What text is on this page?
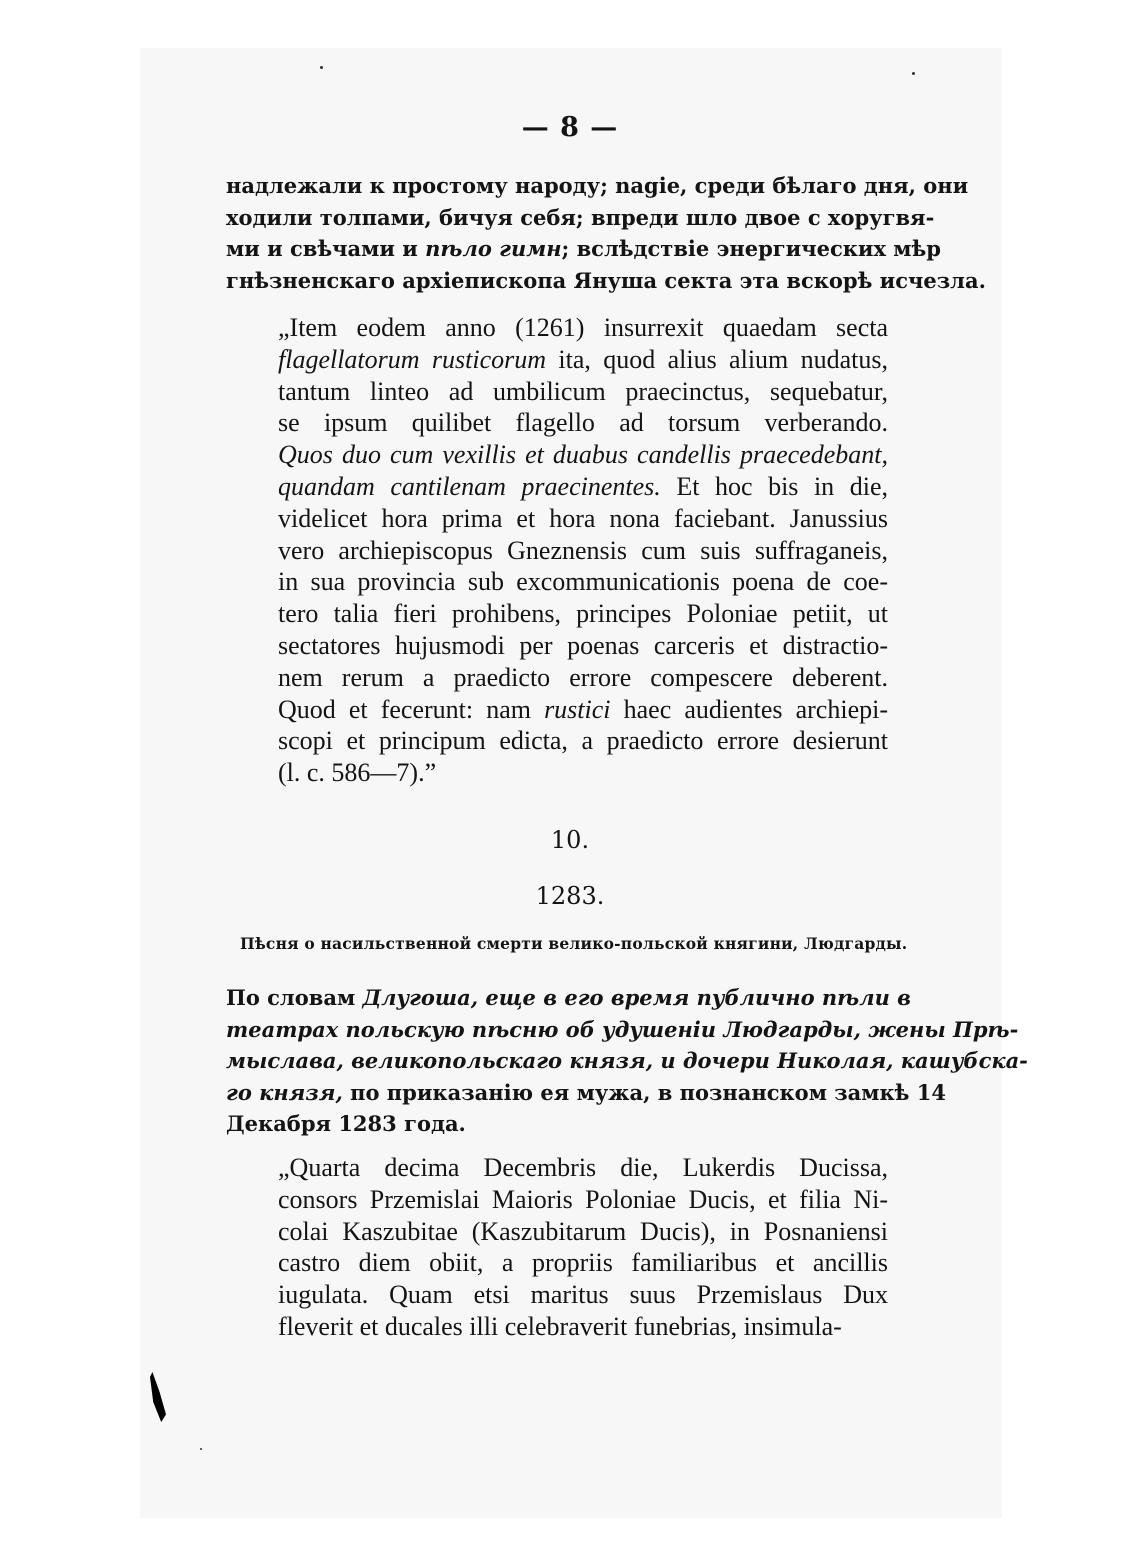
— 8 —
надлежали к простому народу; nagie, среди бѣлаго дня, они
ходили толпами, бичуя себя; впреди шло двое с хоругвя-
ми и свѣчами и пѣло гимн; вслѣдствie энергических мѣр
гнѣзненскаго архiепископа Януша секта эта вскорѣ исчезла.
„Item eodem anno (1261) insurrexit quaedam secta
flagellatorum rusticorum ita, quod alius alium nudatus,
tantum linteo ad umbilicum praecinctus, sequebatur,
se ipsum quilibet flagello ad torsum verberando.
Quos duo cum vexillis et duabus candellis praecedebant,
quandam cantilenam praecinentes. Et hoc bis in die,
videlicet hora prima et hora nona faciebant. Janussius
vero archiepiscopus Gneznensis cum suis suffraganeis,
in sua provincia sub excommunicationis poena de coe-
tero talia fieri prohibens, principes Poloniae petiit, ut
sectatores hujusmodi per poenas carceris et distractio-
nem rerum a praedicto errore compescere deberent.
Quod et fecerunt: nam rustici haec audientes archiepi-
scopi et principum edicta, a praedicto errore desierunt
(l. c. 586—7).”
10.
1283.
Пѣсня о насильственной смерти велико-польской княгини, Людгарды.
По словам Длугоша, еще в его время публично пѣли в
театрах польскую пѣсню об удушенiи Людгарды, жены Прѣ-
мыслава, великопольскаго князя, и дочери Николая, кашубска-
го князя, по приказанiю ея мужа, в познанском замкѣ 14
Декабря 1283 года.
„Quarta decima Decembris die, Lukerdis Ducissa,
consors Przemislai Maioris Poloniae Ducis, et filia Ni-
colai Kaszubitae (Kaszubitarum Ducis), in Posnaniensi
castro diem obiit, a propriis familiaribus et ancillis
iugulata. Quam etsi maritus suus Przemislaus Dux
fleverit et ducales illi celebraverit funebrias, insimula-
